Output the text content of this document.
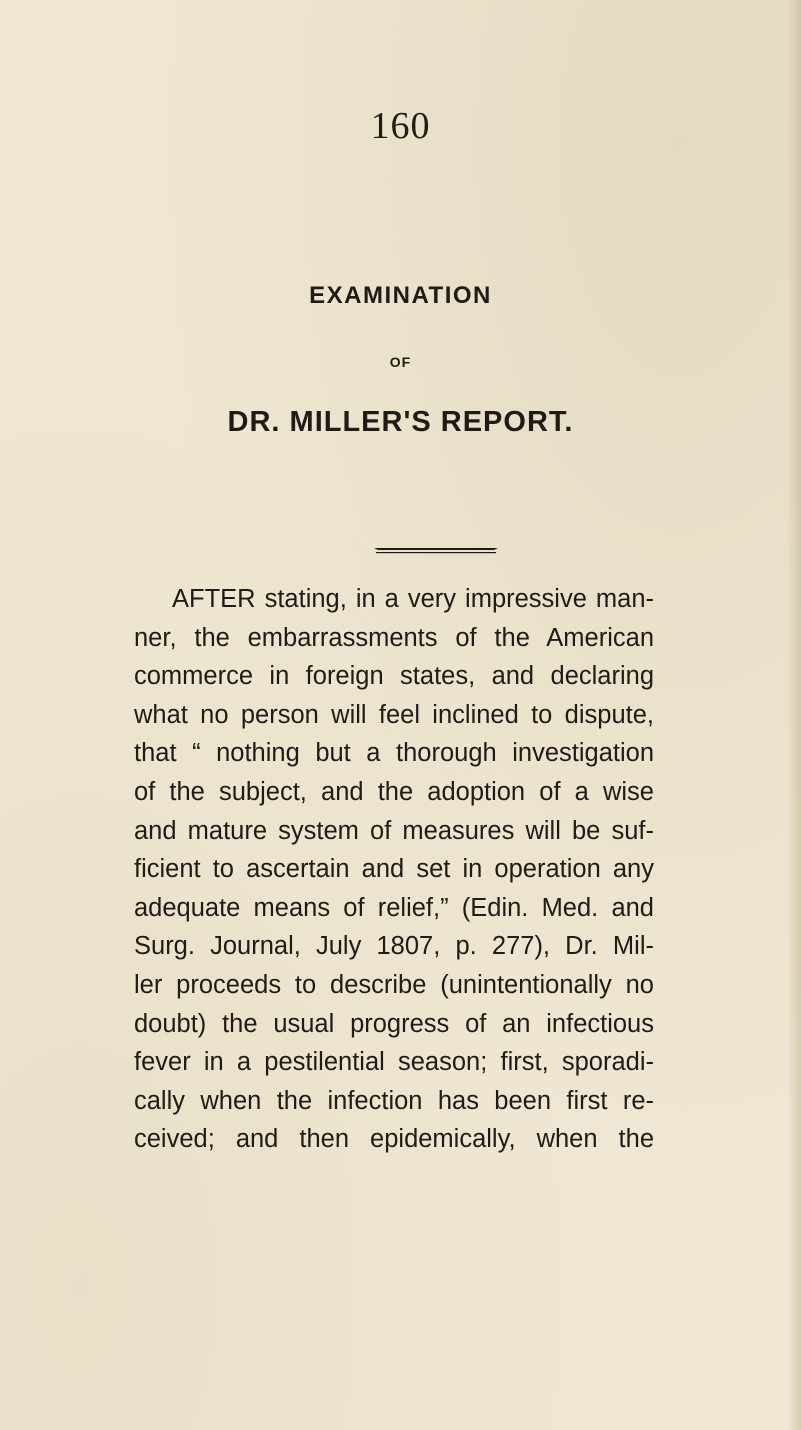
160
EXAMINATION
OF
DR. MILLER'S REPORT.
AFTER stating, in a very impressive man-
ner, the embarrassments of the American
commerce in foreign states, and declaring
what no person will feel inclined to dispute,
that “ nothing but a thorough investigation
of the subject, and the adoption of a wise
and mature system of measures will be suf-
ficient to ascertain and set in operation any
adequate means of relief,” (Edin. Med. and
Surg. Journal, July 1807, p. 277), Dr. Mil-
ler proceeds to describe (unintentionally no
doubt) the usual progress of an infectious
fever in a pestilential season; first, sporadi-
cally when the infection has been first re-
ceived; and then epidemically, when the
